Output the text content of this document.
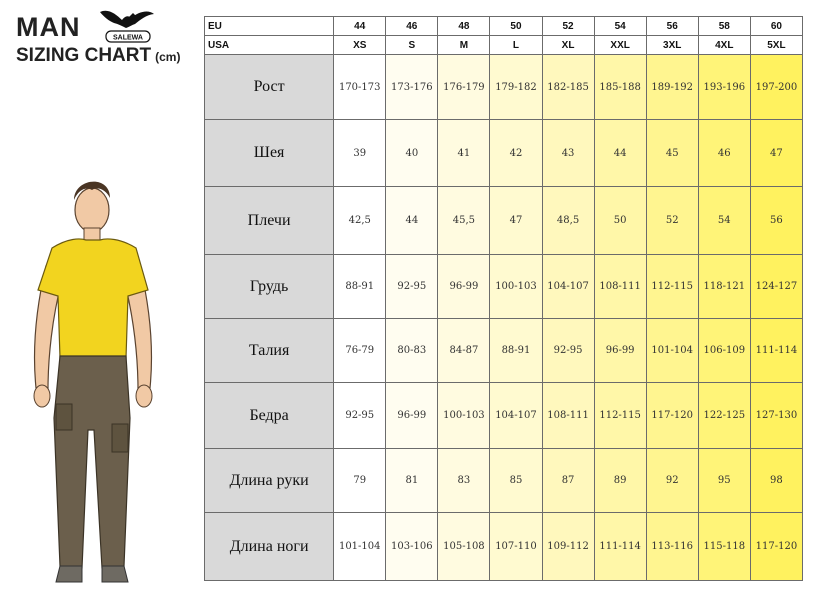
MAN
SIZING CHART (cm)
SALEWA
EU	44	46	48	50	52	54	56	58	60
USA	XS	S	M	L	XL	XXL	3XL	4XL	5XL
Рост	170-173	173-176	176-179	179-182	182-185	185-188	189-192	193-196	197-200
Шея	39	40	41	42	43	44	45	46	47
Плечи	42,5	44	45,5	47	48,5	50	52	54	56
Грудь	88-91	92-95	96-99	100-103	104-107	108-111	112-115	118-121	124-127
Талия	76-79	80-83	84-87	88-91	92-95	96-99	101-104	106-109	111-114
Бедра	92-95	96-99	100-103	104-107	108-111	112-115	117-120	122-125	127-130
Длина руки	79	81	83	85	87	89	92	95	98
Длина ноги	101-104	103-106	105-108	107-110	109-112	111-114	113-116	115-118	117-120
